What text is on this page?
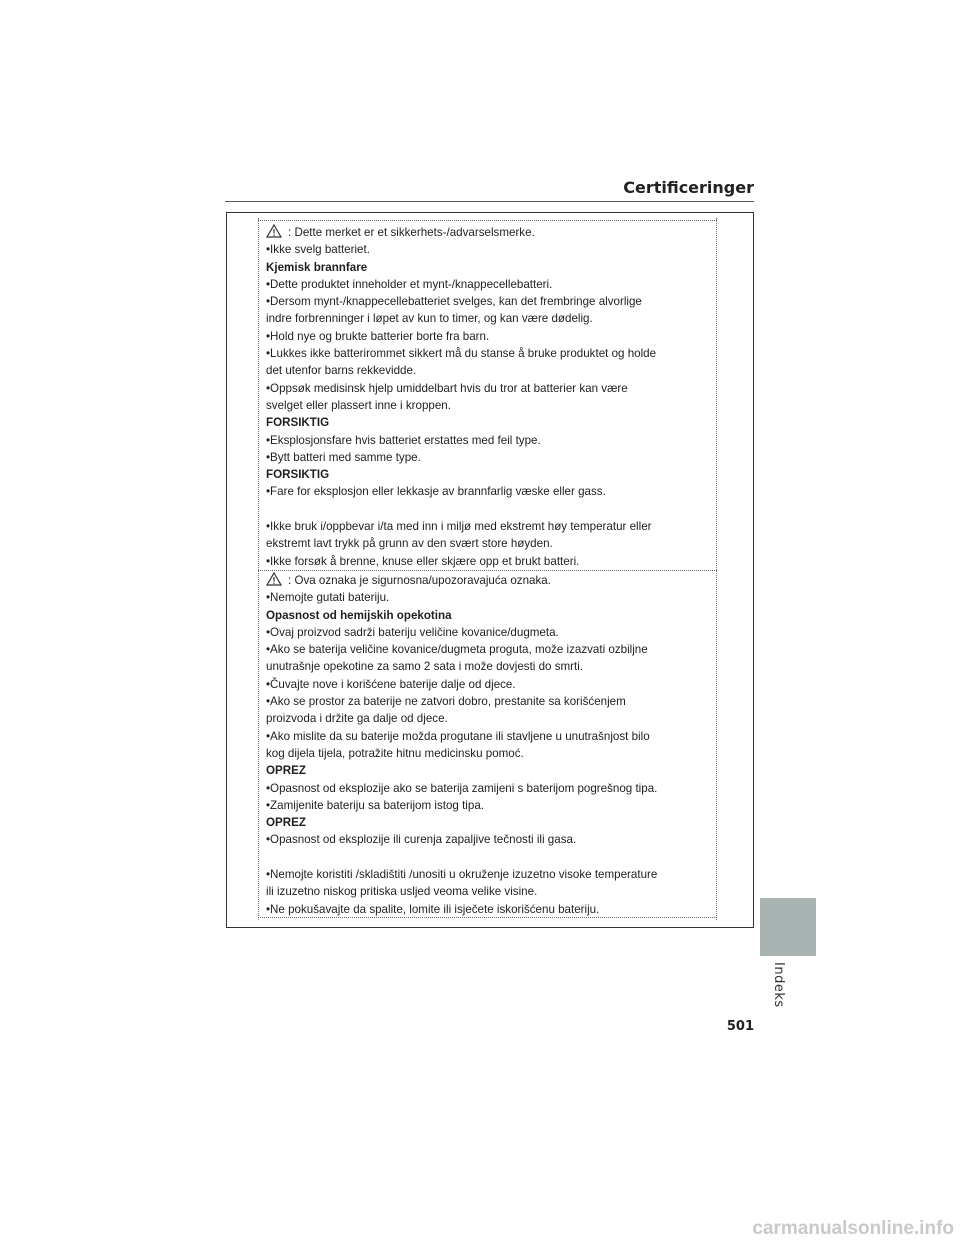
Certificeringer
: Dette merket er et sikkerhets-/advarselsmerke.
•Ikke svelg batteriet.
Kjemisk brannfare
•Dette produktet inneholder et mynt-/knappecellebatteri.
•Dersom mynt-/knappecellebatteriet svelges, kan det frembringe alvorlige
indre forbrenninger i løpet av kun to timer, og kan være dødelig.
•Hold nye og brukte batterier borte fra barn.
•Lukkes ikke batterirommet sikkert må du stanse å bruke produktet og holde
det utenfor barns rekkevidde.
•Oppsøk medisinsk hjelp umiddelbart hvis du tror at batterier kan være
svelget eller plassert inne i kroppen.
FORSIKTIG
•Eksplosjonsfare hvis batteriet erstattes med feil type.
•Bytt batteri med samme type.
FORSIKTIG
•Fare for eksplosjon eller lekkasje av brannfarlig væske eller gass.
•Ikke bruk i/oppbevar i/ta med inn i miljø med ekstremt høy temperatur eller
ekstremt lavt trykk på grunn av den svært store høyden.
•Ikke forsøk å brenne, knuse eller skjære opp et brukt batteri.
: Ova oznaka je sigurnosna/upozoravajuća oznaka.
•Nemojte gutati bateriju.
Opasnost od hemijskih opekotina
•Ovaj proizvod sadrži bateriju veličine kovanice/dugmeta.
•Ako se baterija veličine kovanice/dugmeta proguta, može izazvati ozbiljne
unutrašnje opekotine za samo 2 sata i može dovjesti do smrti.
•Čuvajte nove i korišćene baterije dalje od djece.
•Ako se prostor za baterije ne zatvori dobro, prestanite sa korišćenjem
proizvoda i držite ga dalje od djece.
•Ako mislite da su baterije možda progutane ili stavljene u unutrašnjost bilo
kog dijela tijela, potražite hitnu medicinsku pomoć.
OPREZ
•Opasnost od eksplozije ako se baterija zamijeni s baterijom pogrešnog tipa.
•Zamijenite bateriju sa baterijom istog tipa.
OPREZ
•Opasnost od eksplozije ili curenja zapaljive tečnosti ili gasa.
•Nemojte koristiti /skladištiti /unositi u okruženje izuzetno visoke temperature
ili izuzetno niskog pritiska usljed veoma velike visine.
•Ne pokušavajte da spalite, lomite ili isječete iskorišćenu bateriju.
Indeks
501
carmanualsonline.info
